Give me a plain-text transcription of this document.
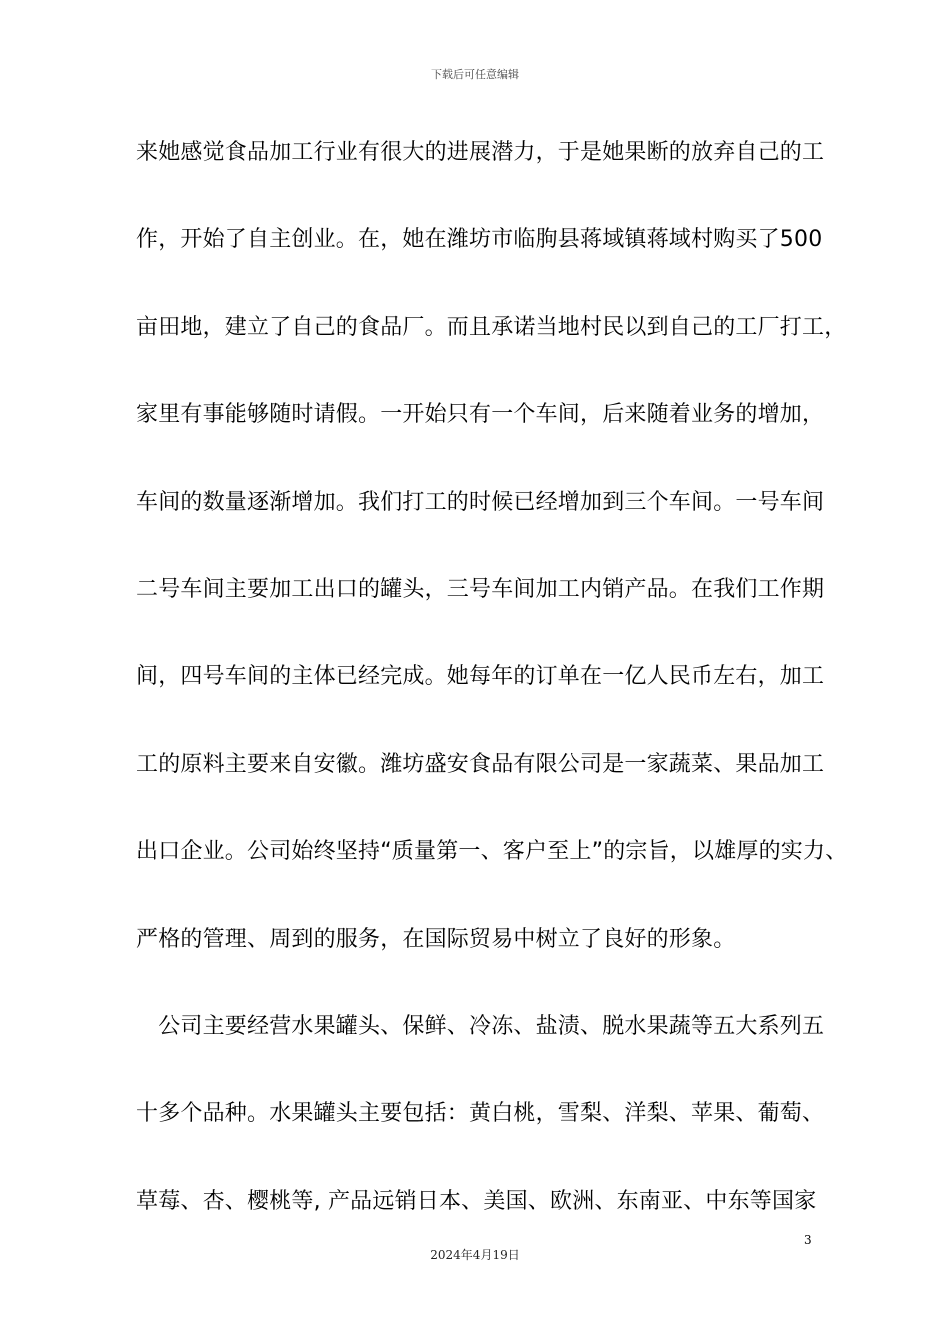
下载后可任意编辑
来她感觉食品加工行业有很大的进展潜力，于是她果断的放弃自己的工
作，开始了自主创业。在，她在潍坊市临朐县蒋域镇蒋域村购买了500
亩田地，建立了自己的食品厂。而且承诺当地村民以到自己的工厂打工，
家里有事能够随时请假。一开始只有一个车间，后来随着业务的增加，
车间的数量逐渐增加。我们打工的时候已经增加到三个车间。一号车间
二号车间主要加工出口的罐头，三号车间加工内销产品。在我们工作期
间，四号车间的主体已经完成。她每年的订单在一亿人民币左右，加工
工的原料主要来自安徽。潍坊盛安食品有限公司是一家蔬菜、果品加工
出口企业。公司始终坚持“质量第一、客户至上”的宗旨，以雄厚的实力、
严格的管理、周到的服务，在国际贸易中树立了良好的形象。
　公司主要经营水果罐头、保鲜、冷冻、盐渍、脱水果蔬等五大系列五
十多个品种。水果罐头主要包括：黄白桃，雪梨、洋梨、苹果、葡萄、
草莓、杏、樱桃等, 产品远销日本、美国、欧洲、东南亚、中东等国家
3
2024年4月19日
